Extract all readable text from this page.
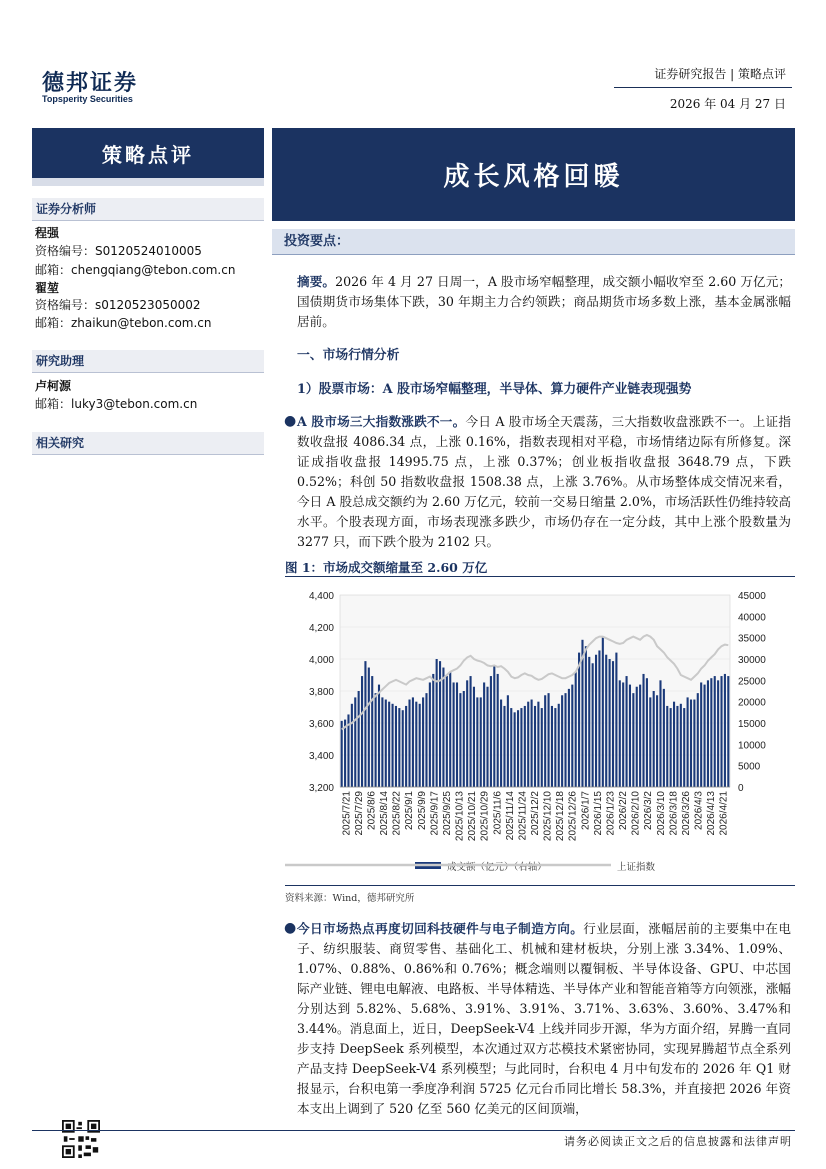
德邦证券
Topsperity Securities
证券研究报告 | 策略点评
2026 年 04 月 27 日
策略点评
成长风格回暖
证券分析师
程强
资格编号：S0120524010005
邮箱：chengqiang@tebon.com.cn
翟堃
资格编号：s0120523050002
邮箱：zhaikun@tebon.com.cn
研究助理
卢柯源
邮箱：luky3@tebon.com.cn
相关研究
投资要点：
摘要。2026 年 4 月 27 日周一，A 股市场窄幅整理，成交额小幅收窄至 2.60 万亿元；国债期货市场集体下跌，30 年期主力合约领跌；商品期货市场多数上涨，基本金属涨幅居前。
一、市场行情分析
1）股票市场：A 股市场窄幅整理，半导体、算力硬件产业链表现强势
● A 股市场三大指数涨跌不一。今日 A 股市场全天震荡，三大指数收盘涨跌不一。上证指数收盘报 4086.34 点，上涨 0.16%，指数表现相对平稳，市场情绪边际有所修复。深证成指收盘报 14995.75 点，上涨 0.37%；创业板指收盘报 3648.79 点，下跌 0.52%；科创 50 指数收盘报 1508.38 点，上涨 3.76%。从市场整体成交情况来看，今日 A 股总成交额约为 2.60 万亿元，较前一交易日缩量 2.0%，市场活跃性仍维持较高水平。个股表现方面，市场表现涨多跌少，市场仍存在一定分歧，其中上涨个股数量为 3277 只，而下跌个股为 2102 只。
图 1：市场成交额缩量至 2.60 万亿
3,200
3,400
3,600
3,800
4,000
4,200
4,400
0
5000
10000
15000
20000
25000
30000
35000
40000
45000
2025/7/21 2025/7/29 2025/8/6 2025/8/14 2025/8/22 2025/9/1 2025/9/9 2025/9/17 2025/9/25 2025/10/13 2025/10/21 2025/10/29 2025/11/6 2025/11/14 2025/11/24 2025/12/2 2025/12/10 2025/12/18 2025/12/26 2026/1/7 2026/1/15 2026/1/23 2026/2/2 2026/2/10 2026/3/2 2026/3/10 2026/3/18 2026/3/26 2026/4/3 2026/4/13 2026/4/21
成交额（亿元）（右轴）	上证指数
资料来源：Wind，德邦研究所
● 今日市场热点再度切回科技硬件与电子制造方向。行业层面，涨幅居前的主要集中在电子、纺织服装、商贸零售、基础化工、机械和建材板块，分别上涨 3.34%、1.09%、1.07%、0.88%、0.86%和 0.76%；概念端则以覆铜板、半导体设备、GPU、中芯国际产业链、锂电电解液、电路板、半导体精选、半导体产业和智能音箱等方向领涨，涨幅分别达到 5.82%、5.68%、3.91%、3.91%、3.71%、3.63%、3.60%、3.47%和 3.44%。消息面上，近日，DeepSeek-V4 上线并同步开源，华为方面介绍，昇腾一直同步支持 DeepSeek 系列模型，本次通过双方芯模技术紧密协同，实现昇腾超节点全系列产品支持 DeepSeek-V4 系列模型；与此同时，台积电 4 月中旬发布的 2026 年 Q1 财报显示，台积电第一季度净利润 5725 亿元台币同比增长 58.3%，并直接把 2026 年资本支出上调到了 520 亿至 560 亿美元的区间顶端，
请务必阅读正文之后的信息披露和法律声明
